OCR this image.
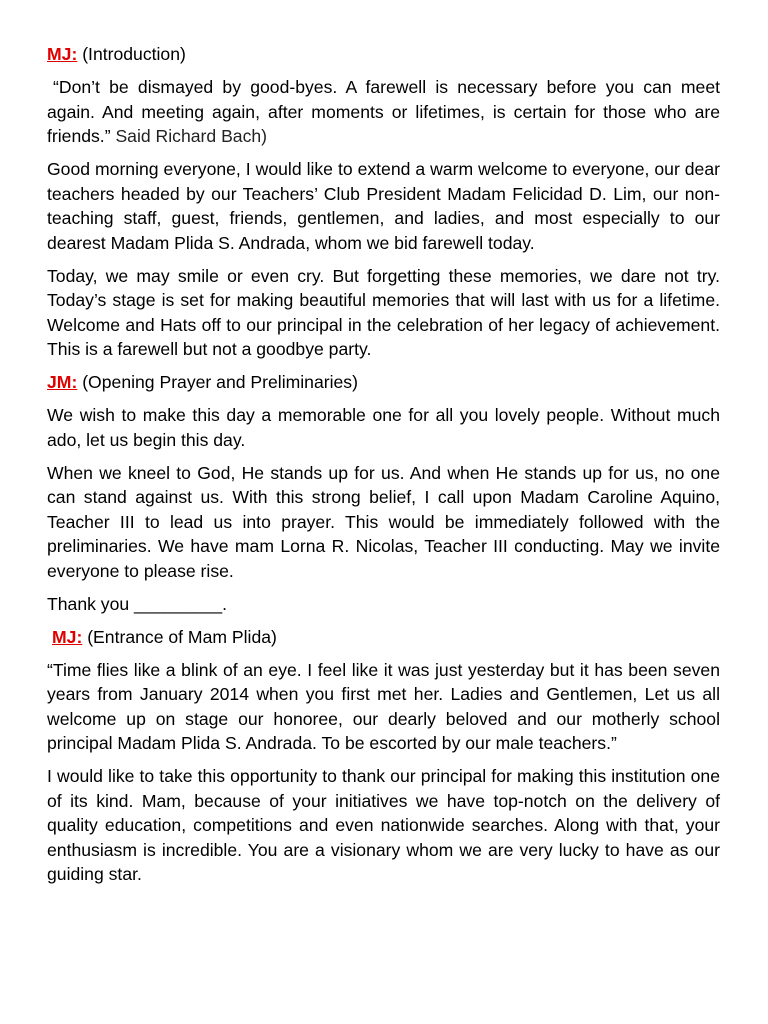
MJ: (Introduction)

“Don’t be dismayed by good-byes. A farewell is necessary before you can meet again. And meeting again, after moments or lifetimes, is certain for those who are friends.” Said Richard Bach)

Good morning everyone, I would like to extend a warm welcome to everyone, our dear teachers headed by our Teachers’ Club President Madam Felicidad D. Lim, our non-teaching staff, guest, friends, gentlemen, and ladies, and most especially to our dearest Madam Plida S. Andrada, whom we bid farewell today.

Today, we may smile or even cry. But forgetting these memories, we dare not try. Today’s stage is set for making beautiful memories that will last with us for a lifetime. Welcome and Hats off to our principal in the celebration of her legacy of achievement. This is a farewell but not a goodbye party.

JM: (Opening Prayer and Preliminaries)

We wish to make this day a memorable one for all you lovely people. Without much ado, let us begin this day.

When we kneel to God, He stands up for us. And when He stands up for us, no one can stand against us. With this strong belief, I call upon Madam Caroline Aquino, Teacher III to lead us into prayer. This would be immediately followed with the preliminaries. We have mam Lorna R. Nicolas, Teacher III conducting. May we invite everyone to please rise.

Thank you _________.

MJ: (Entrance of Mam Plida)

“Time flies like a blink of an eye. I feel like it was just yesterday but it has been seven years from January 2014 when you first met her. Ladies and Gentlemen, Let us all welcome up on stage our honoree, our dearly beloved and our motherly school principal Madam Plida S. Andrada. To be escorted by our male teachers.”

I would like to take this opportunity to thank our principal for making this institution one of its kind. Mam, because of your initiatives we have top-notch on the delivery of quality education, competitions and even nationwide searches. Along with that, your enthusiasm is incredible. You are a visionary whom we are very lucky to have as our guiding star.
